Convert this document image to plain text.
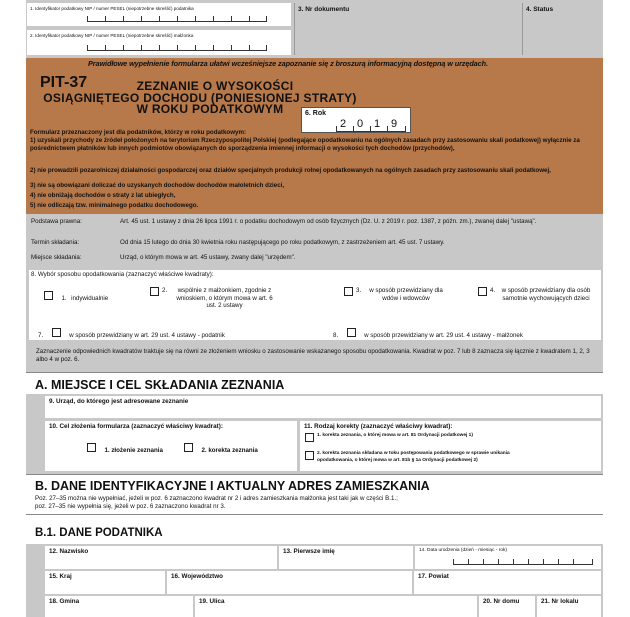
1. Identyfikator podatkowy NIP / numer PESEL (niepotrzebne skreślić) podatnika
2. Identyfikator podatkowy NIP / numer PESEL (niepotrzebne skreślić) małżonka
3. Nr dokumentu	4. Status
Prawidłowe wypełnienie formularza ułatwi wcześniejsze zapoznanie się z broszurą informacyjną dostępną w urzędach.
PIT-37	ZEZNANIE O WYSOKOŚCI
OSIĄGNIĘTEGO DOCHODU (PONIESIONEJ STRATY)
W ROKU PODATKOWYM	6. Rok
2 0 1 9
Formularz przeznaczony jest dla podatników, którzy w roku podatkowym:
1) uzyskali przychody ze źródeł położonych na terytorium Rzeczypospolitej Polskiej (podlegające opodatkowaniu na ogólnych zasadach przy zastosowaniu skali podatkowej) wyłącznie za pośrednictwem płatników lub innych podmiotów obowiązanych do sporządzenia imiennej informacji o wysokości tych dochodów (przychodów),
2) nie prowadzili pozarolniczej działalności gospodarczej oraz działów specjalnych produkcji rolnej opodatkowanych na ogólnych zasadach przy zastosowaniu skali podatkowej,
3) nie są obowiązani doliczać do uzyskanych dochodów dochodów małoletnich dzieci,
4) nie obniżają dochodów o straty z lat ubiegłych,
5) nie odliczają tzw. minimalnego podatku dochodowego.
Podstawa prawna:	Art. 45 ust. 1 ustawy z dnia 26 lipca 1991 r. o podatku dochodowym od osób fizycznych (Dz. U. z 2019 r. poz. 1387, z późn. zm.), zwanej dalej "ustawą".
Termin składania:	Od dnia 15 lutego do dnia 30 kwietnia roku następującego po roku podatkowym, z zastrzeżeniem art. 45 ust. 7 ustawy.
Miejsce składania:	Urząd, o którym mowa w art. 45 ustawy, zwany dalej "urzędem".
8. Wybór sposobu opodatkowania (zaznaczyć właściwe kwadraty):
1. indywidualnie
2.	wspólnie z małżonkiem, zgodnie z wnioskiem, o którym mowa w art. 6 ust. 2 ustawy
3.	w sposób przewidziany dla wdów i wdowców
4. w sposób przewidziany dla osób samotnie wychowujących dzieci
7.	w sposób przewidziany w art. 29 ust. 4 ustawy - podatnik	8.	w sposób przewidziany w art. 29 ust. 4 ustawy - małżonek
Zaznaczenie odpowiednich kwadratów traktuje się na równi ze złożeniem wniosku o zastosowanie wskazanego sposobu opodatkowania. Kwadrat w poz. 7 lub 8 zaznacza się łącznie z kwadratem 1, 2, 3 albo 4 w poz. 6.
A. MIEJSCE I CEL SKŁADANIA ZEZNANIA
9. Urząd, do którego jest adresowane zeznanie
10. Cel złożenia formularza (zaznaczyć właściwy kwadrat):
1. złożenie zeznania	2. korekta zeznania
11. Rodzaj korekty (zaznaczyć właściwy kwadrat):
1. korekta zeznania, o której mowa w art. 81 Ordynacji podatkowej 1)
2. korekta zeznania składana w toku postępowania podatkowego w sprawie unikania opodatkowania, o której mowa w art. 81b § 1a Ordynacji podatkowej 2)
B. DANE IDENTYFIKACYJNE I AKTUALNY ADRES ZAMIESZKANIA
Poz. 27–35 można nie wypełniać, jeżeli w poz. 6 zaznaczono kwadrat nr 2 i adres zamieszkania małżonka jest taki jak w części B.1.;
poz. 27–35 nie wypełnia się, jeżeli w poz. 6 zaznaczono kwadrat nr 3.
B.1. DANE PODATNIKA
12. Nazwisko	13. Pierwsze imię	14. Data urodzenia (dzień - miesiąc - rok)
15. Kraj	16. Województwo	17. Powiat
18. Gmina	19. Ulica	20. Nr domu	21. Nr lokalu
